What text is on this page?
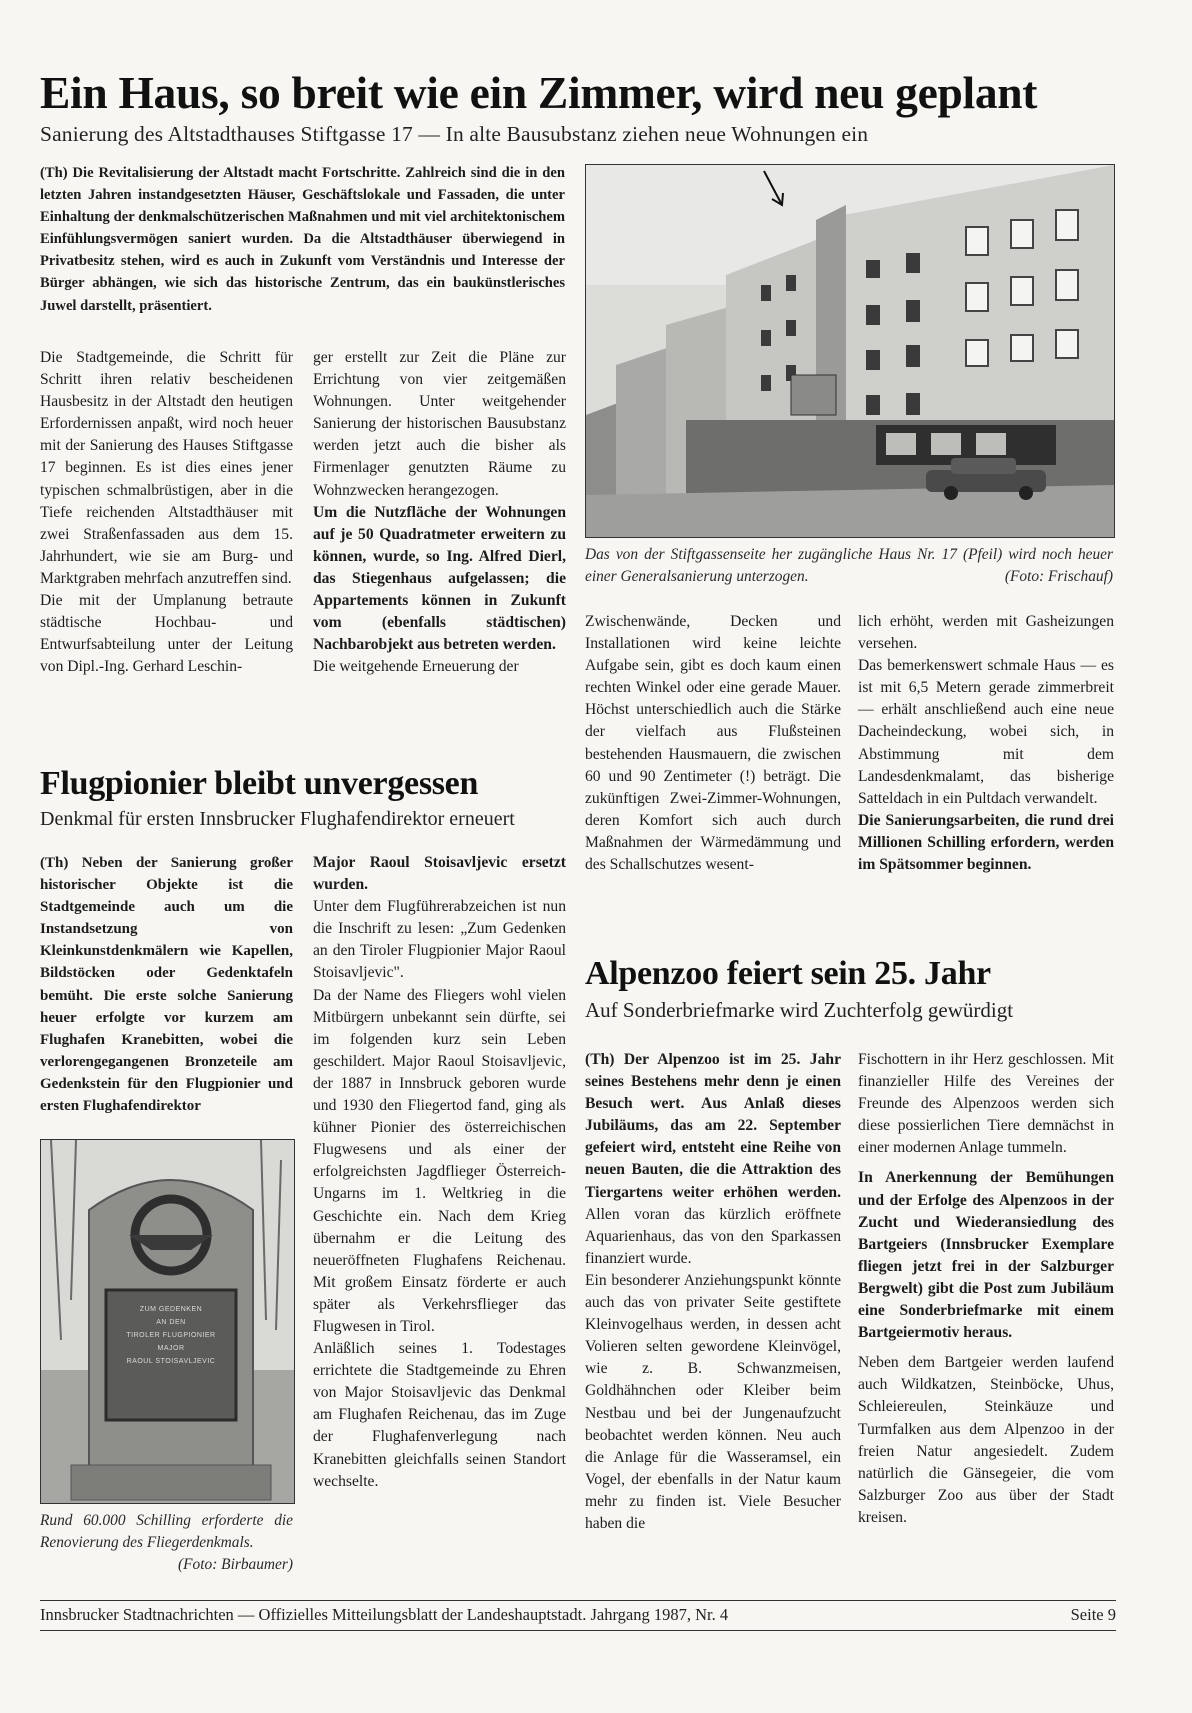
Ein Haus, so breit wie ein Zimmer, wird neu geplant
Sanierung des Altstadthauses Stiftgasse 17 — In alte Bausubstanz ziehen neue Wohnungen ein
(Th) Die Revitalisierung der Altstadt macht Fortschritte. Zahlreich sind die in den letzten Jahren instandgesetzten Häuser, Geschäftslokale und Fassaden, die unter Einhaltung der denkmalschützerischen Maßnahmen und mit viel architektonischem Einfühlungsvermögen saniert wurden. Da die Altstadthäuser überwiegend in Privatbesitz stehen, wird es auch in Zukunft vom Verständnis und Interesse der Bürger abhängen, wie sich das historische Zentrum, das ein baukünstlerisches Juwel darstellt, präsentiert.

Die Stadtgemeinde, die Schritt für Schritt ihren relativ bescheidenen Hausbesitz in der Altstadt den heutigen Erfordernissen anpaßt, wird noch heuer mit der Sanierung des Hauses Stiftgasse 17 beginnen. Es ist dies eines jener typischen schmalbrüstigen, aber in die Tiefe reichenden Altstadthäuser mit zwei Straßenfassaden aus dem 15. Jahrhundert, wie sie am Burg- und Marktgraben mehrfach anzutreffen sind.

Die mit der Umplanung betraute städtische Hochbau- und Entwurfsabteilung unter der Leitung von Dipl.-Ing. Gerhard Leschin-

ger erstellt zur Zeit die Pläne zur Errichtung von vier zeitgemäßen Wohnungen. Unter weitgehender Sanierung der historischen Bausubstanz werden jetzt auch die bisher als Firmenlager genutzten Räume zu Wohnzwecken herangezogen.

Um die Nutzfläche der Wohnungen auf je 50 Quadratmeter erweitern zu können, wurde, so Ing. Alfred Dierl, das Stiegenhaus aufgelassen; die Appartements können in Zukunft vom (ebenfalls städtischen) Nachbarobjekt aus betreten werden.

Die weitgehende Erneuerung der

Das von der Stiftgassenseite her zugängliche Haus Nr. 17 (Pfeil) wird noch heuer einer Generalsanierung unterzogen.	(Foto: Frischauf)

Zwischenwände, Decken und Installationen wird keine leichte Aufgabe sein, gibt es doch kaum einen rechten Winkel oder eine gerade Mauer. Höchst unterschiedlich auch die Stärke der vielfach aus Flußsteinen bestehenden Hausmauern, die zwischen 60 und 90 Zentimeter (!) beträgt. Die zukünftigen Zwei-Zimmer-Wohnungen, deren Komfort sich auch durch Maßnahmen der Wärmedämmung und des Schallschutzes wesent-

lich erhöht, werden mit Gasheizungen versehen.

Das bemerkenswert schmale Haus — es ist mit 6,5 Metern gerade zimmerbreit — erhält anschließend auch eine neue Dacheindeckung, wobei sich, in Abstimmung mit dem Landesdenkmalamt, das bisherige Satteldach in ein Pultdach verwandelt.

Die Sanierungsarbeiten, die rund drei Millionen Schilling erfordern, werden im Spätsommer beginnen.

Flugpionier bleibt unvergessen
Denkmal für ersten Innsbrucker Flughafendirektor erneuert

(Th) Neben der Sanierung großer historischer Objekte ist die Stadtgemeinde auch um die Instandsetzung von Kleinkunstdenkmälern wie Kapellen, Bildstöcken oder Gedenktafeln bemüht. Die erste solche Sanierung heuer erfolgte vor kurzem am Flughafen Kranebitten, wobei die verlorengegangenen Bronzeteile am Gedenkstein für den Flugpionier und ersten Flughafendirektor

ZUM GEDENKEN
AN DEN
TIROLER FLUGPIONIER
MAJOR
RAOUL STOISAVLJEVIC
Rund 60.000 Schilling erforderte die Renovierung des Fliegerdenkmals.
(Foto: Birbaumer)

Major Raoul Stoisavljevic ersetzt wurden.

Unter dem Flugführerabzeichen ist nun die Inschrift zu lesen: „Zum Gedenken an den Tiroler Flugpionier Major Raoul Stoisavljevic".

Da der Name des Fliegers wohl vielen Mitbürgern unbekannt sein dürfte, sei im folgenden kurz sein Leben geschildert. Major Raoul Stoisavljevic, der 1887 in Innsbruck geboren wurde und 1930 den Fliegertod fand, ging als kühner Pionier des österreichischen Flugwesens und als einer der erfolgreichsten Jagdflieger Österreich-Ungarns im 1. Weltkrieg in die Geschichte ein. Nach dem Krieg übernahm er die Leitung des neueröffneten Flughafens Reichenau. Mit großem Einsatz förderte er auch später als Verkehrsflieger das Flugwesen in Tirol.

Anläßlich seines 1. Todestages errichtete die Stadtgemeinde zu Ehren von Major Stoisavljevic das Denkmal am Flughafen Reichenau, das im Zuge der Flughafenverlegung nach Kranebitten gleichfalls seinen Standort wechselte.

Alpenzoo feiert sein 25. Jahr
Auf Sonderbriefmarke wird Zuchterfolg gewürdigt

(Th) Der Alpenzoo ist im 25. Jahr seines Bestehens mehr denn je einen Besuch wert. Aus Anlaß dieses Jubiläums, das am 22. September gefeiert wird, entsteht eine Reihe von neuen Bauten, die die Attraktion des Tiergartens weiter erhöhen werden.

Allen voran das kürzlich eröffnete Aquarienhaus, das von den Sparkassen finanziert wurde.

Ein besonderer Anziehungspunkt könnte auch das von privater Seite gestiftete Kleinvogelhaus werden, in dessen acht Volieren selten gewordene Kleinvögel, wie z. B. Schwanzmeisen, Goldhähnchen oder Kleiber beim Nestbau und bei der Jungenaufzucht beobachtet werden können. Neu auch die Anlage für die Wasseramsel, ein Vogel, der ebenfalls in der Natur kaum mehr zu finden ist. Viele Besucher haben die

Fischottern in ihr Herz geschlossen. Mit finanzieller Hilfe des Vereines der Freunde des Alpenzoos werden sich diese possierlichen Tiere demnächst in einer modernen Anlage tummeln.

In Anerkennung der Bemühungen und der Erfolge des Alpenzoos in der Zucht und Wiederansiedlung des Bartgeiers (Innsbrucker Exemplare fliegen jetzt frei in der Salzburger Bergwelt) gibt die Post zum Jubiläum eine Sonderbriefmarke mit einem Bartgeiermotiv heraus.

Neben dem Bartgeier werden laufend auch Wildkatzen, Steinböcke, Uhus, Schleiereulen, Steinkäuze und Turmfalken aus dem Alpenzoo in der freien Natur angesiedelt. Zudem natürlich die Gänsegeier, die vom Salzburger Zoo aus über der Stadt kreisen.

Innsbrucker Stadtnachrichten — Offizielles Mitteilungsblatt der Landeshauptstadt. Jahrgang 1987, Nr. 4	Seite 9
